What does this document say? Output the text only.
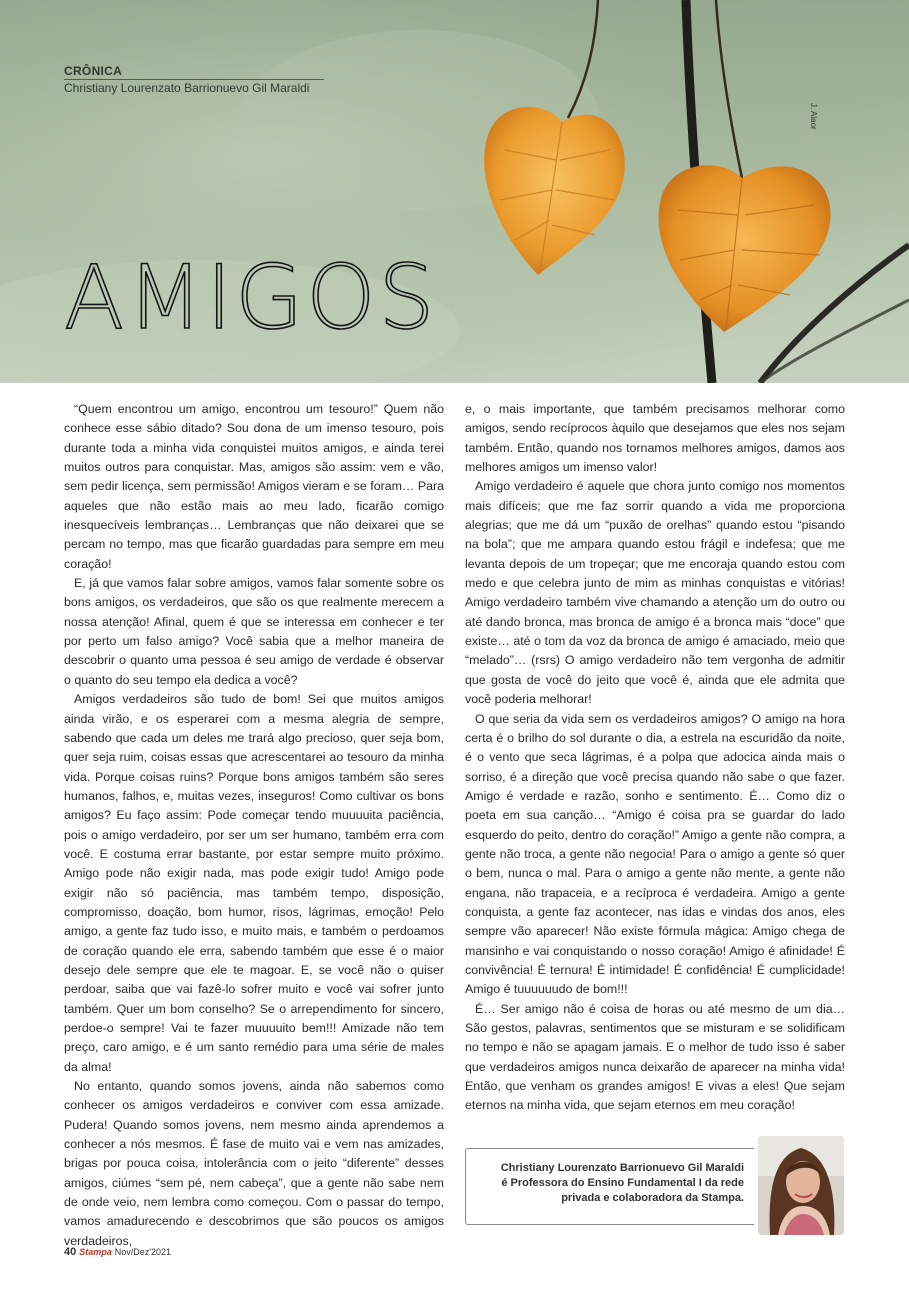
CRÔNICA

Christiany Lourenzato Barrionuevo Gil Maraldi

J. Alaor
AMIGOS

“Quem encontrou um amigo, encontrou um tesouro!” Quem não conhece esse sábio ditado? Sou dona de um imenso tesouro, pois durante toda a minha vida conquistei muitos amigos, e ainda terei muitos outros para conquistar. Mas, amigos são assim: vem e vão, sem pedir licença, sem permissão! Amigos vieram e se foram… Para aqueles que não estão mais ao meu lado, ficarão comigo inesquecíveis lembranças… Lembranças que não deixarei que se percam no tempo, mas que ficarão guardadas para sempre em meu coração!

E, já que vamos falar sobre amigos, vamos falar somente sobre os bons amigos, os verdadeiros, que são os que realmente merecem a nossa atenção! Afinal, quem é que se interessa em conhecer e ter por perto um falso amigo? Você sabia que a melhor maneira de descobrir o quanto uma pessoa é seu amigo de verdade é observar o quanto do seu tempo ela dedica a você?

Amigos verdadeiros são tudo de bom! Sei que muitos amigos ainda virão, e os esperarei com a mesma alegria de sempre, sabendo que cada um deles me trará algo precioso, quer seja bom, quer seja ruim, coisas essas que acrescentarei ao tesouro da minha vida. Porque coisas ruins? Porque bons amigos também são seres humanos, falhos, e, muitas vezes, inseguros! Como cultivar os bons amigos? Eu faço assim: Pode começar tendo muuuuita paciência, pois o amigo verdadeiro, por ser um ser humano, também erra com você. E costuma errar bastante, por estar sempre muito próximo. Amigo pode não exigir nada, mas pode exigir tudo! Amigo pode exigir não só paciência, mas também tempo, disposição, compromisso, doação, bom humor, risos, lágrimas, emoção! Pelo amigo, a gente faz tudo isso, e muito mais, e também o perdoamos de coração quando ele erra, sabendo também que esse é o maior desejo dele sempre que ele te magoar. E, se você não o quiser perdoar, saiba que vai fazê-lo sofrer muito e você vai sofrer junto também. Quer um bom conselho? Se o arrependimento for sincero, perdoe-o sempre! Vai te fazer muuuuito bem!!! Amizade não tem preço, caro amigo, e é um santo remédio para uma série de males da alma!

No entanto, quando somos jovens, ainda não sabemos como conhecer os amigos verdadeiros e conviver com essa amizade. Pudera! Quando somos jovens, nem mesmo ainda aprendemos a conhecer a nós mesmos. É fase de muito vai e vem nas amizades, brigas por pouca coisa, intolerância com o jeito “diferente” desses amigos, ciúmes “sem pé, nem cabeça”, que a gente não sabe nem de onde veio, nem lembra como começou. Com o passar do tempo, vamos amadurecendo e descobrimos que são poucos os amigos verdadeiros,

e, o mais importante, que também precisamos melhorar como amigos, sendo recíprocos àquilo que desejamos que eles nos sejam também. Então, quando nos tornamos melhores amigos, damos aos melhores amigos um imenso valor!

Amigo verdadeiro é aquele que chora junto comigo nos momentos mais difíceis; que me faz sorrir quando a vida me proporciona alegrias; que me dá um “puxão de orelhas” quando estou “pisando na bola”; que me ampara quando estou frágil e indefesa; que me levanta depois de um tropeçar; que me encoraja quando estou com medo e que celebra junto de mim as minhas conquistas e vitórias! Amigo verdadeiro também vive chamando a atenção um do outro ou até dando bronca, mas bronca de amigo é a bronca mais “doce” que existe… até o tom da voz da bronca de amigo é amaciado, meio que “melado”… (rsrs) O amigo verdadeiro não tem vergonha de admitir que gosta de você do jeito que você é, ainda que ele admita que você poderia melhorar!

O que seria da vida sem os verdadeiros amigos? O amigo na hora certa é o brilho do sol durante o dia, a estrela na escuridão da noite, é o vento que seca lágrimas, é a polpa que adocica ainda mais o sorriso, é a direção que você precisa quando não sabe o que fazer. Amigo é verdade e razão, sonho e sentimento. É… Como diz o poeta em sua canção… “Amigo é coisa pra se guardar do lado esquerdo do peito, dentro do coração!” Amigo a gente não compra, a gente não troca, a gente não negocia! Para o amigo a gente só quer o bem, nunca o mal. Para o amigo a gente não mente, a gente não engana, não trapaceia, e a recíproca é verdadeira. Amigo a gente conquista, a gente faz acontecer, nas idas e vindas dos anos, eles sempre vão aparecer! Não existe fórmula mágica: Amigo chega de mansinho e vai conquistando o nosso coração! Amigo é afinidade! É convivência! É ternura! É intimidade! É confidência! É cumplicidade! Amigo é tuuuuuudo de bom!!!

É… Ser amigo não é coisa de horas ou até mesmo de um dia… São gestos, palavras, sentimentos que se misturam e se solidificam no tempo e não se apagam jamais. E o melhor de tudo isso é saber que verdadeiros amigos nunca deixarão de aparecer na minha vida! Então, que venham os grandes amigos! E vivas a eles! Que sejam eternos na minha vida, que sejam eternos em meu coração!

Christiany Lourenzato Barrionuevo Gil Maraldi
é Professora do Ensino Fundamental I da rede privada e colaboradora da Stampa.

40 Stampa Nov/Dez'2021
